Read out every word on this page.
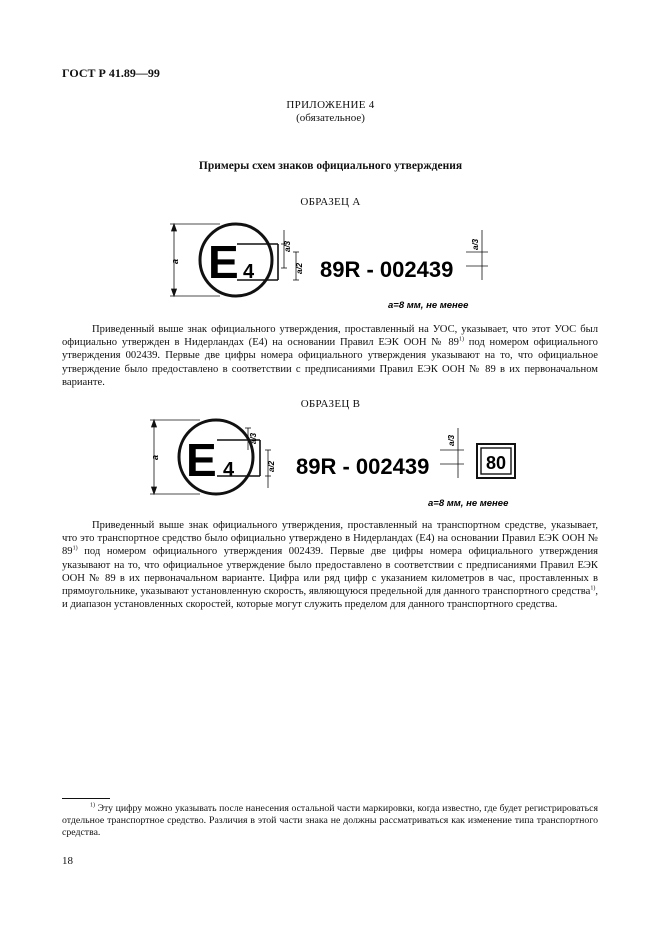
ГОСТ Р 41.89—99
ПРИЛОЖЕНИЕ 4
(обязательное)
Примеры схем знаков официального утверждения
ОБРАЗЕЦ А
a E 4
a/3
a/2 89R - 002439
a/3
a=8 мм, не менее

Приведенный выше знак официального утверждения, проставленный на УОС, указывает, что этот УОС был официально утвержден в Нидерландах (E4) на основании Правил ЕЭК ООН № 89$^{1)}$ под номером официального утверждения 002439. Первые две цифры номера официального утверждения указывают на то, что официальное утверждение было предоставлено в соответствии с предписаниями Правил ЕЭК ООН № 89 в их первоначальном варианте.

ОБРАЗЕЦ В
a E 4
a/3
a/2 89R - 002439
a/3
80
a=8 мм, не менее

Приведенный выше знак официального утверждения, проставленный на транспортном средстве, указывает, что это транспортное средство было официально утверждено в Нидерландах (E4) на основании Правил ЕЭК ООН № 89$^{1)}$ под номером официального утверждения 002439. Первые две цифры номера официального утверждения указывают на то, что официальное утверждение было предоставлено в соответствии с предписаниями Правил ЕЭК ООН № 89 в их первоначальном варианте. Цифра или ряд цифр с указанием километров в час, проставленных в прямоугольнике, указывают установленную скорость, являющуюся предельной для данного транспортного средства$^{1)}$, и диапазон установленных скоростей, которые могут служить пределом для данного транспортного средства.

$^{1)}$ Эту цифру можно указывать после нанесения остальной части маркировки, когда известно, где будет регистрироваться отдельное транспортное средство. Различия в этой части знака не должны рассматриваться как изменение типа транспортного средства.

18
